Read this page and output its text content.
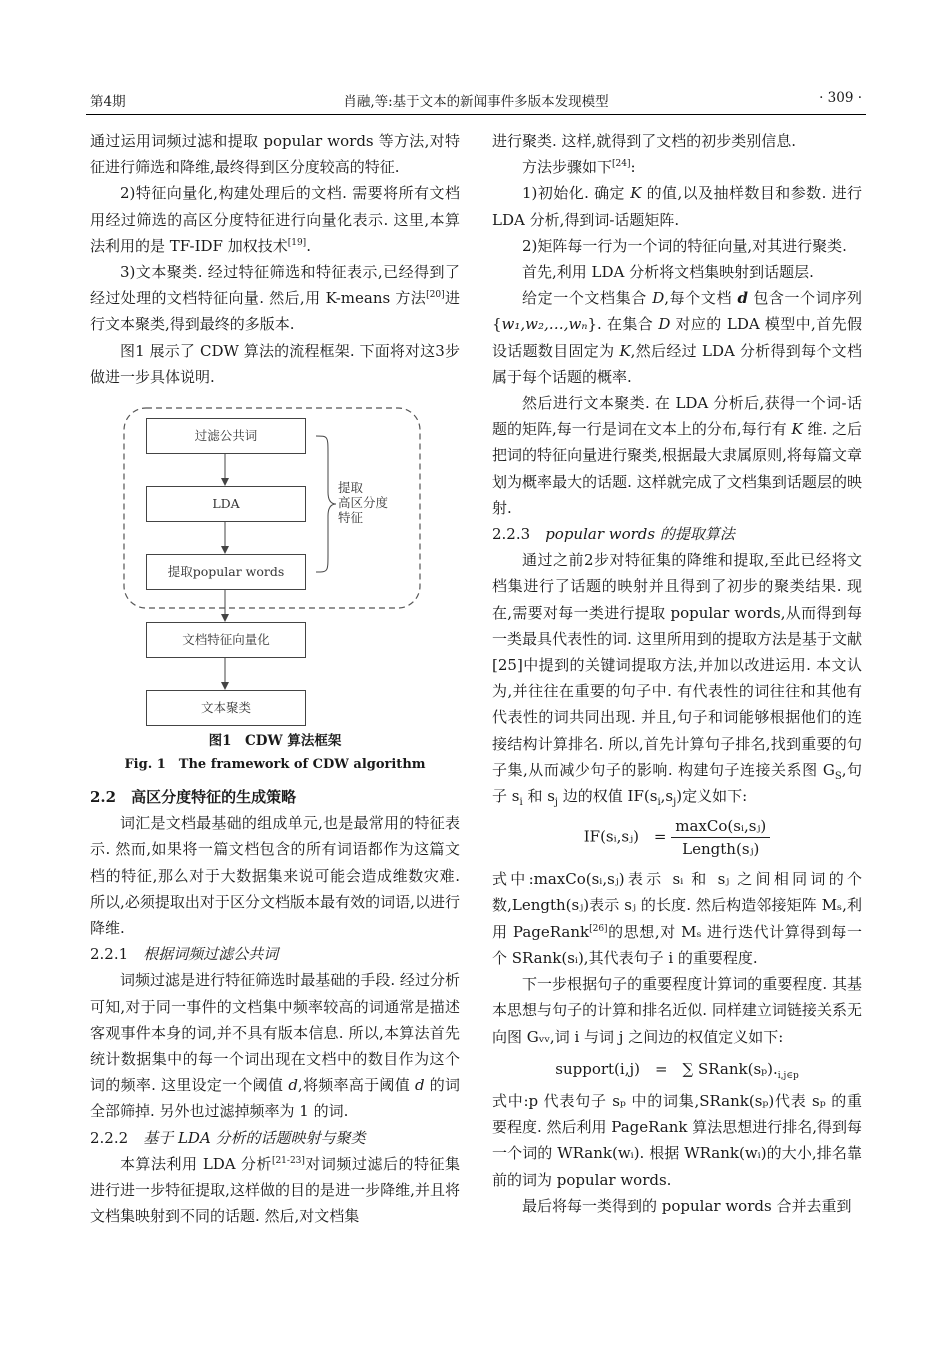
第4期	肖融,等:基于文本的新闻事件多版本发现模型	· 309 ·

通过运用词频过滤和提取 popular words 等方法,对特征进行筛选和降维,最终得到区分度较高的特征.

2)特征向量化,构建处理后的文档. 需要将所有文档用经过筛选的高区分度特征进行向量化表示. 这里,本算法利用的是 TF-IDF 加权技术[19].

3)文本聚类. 经过特征筛选和特征表示,已经得到了经过处理的文档特征向量. 然后,用 K-means 方法[20]进行文本聚类,得到最终的多版本.

图1 展示了 CDW 算法的流程框架. 下面将对这3步做进一步具体说明.

过滤公共词
LDA
提取popular words
文档特征向量化
文本聚类
提取
高区分度
特征

图1　CDW 算法框架

Fig. 1　The framework of CDW algorithm

2.2　高区分度特征的生成策略

词汇是文档最基础的组成单元,也是最常用的特征表示. 然而,如果将一篇文档包含的所有词语都作为这篇文档的特征,那么对于大数据集来说可能会造成维数灾难. 所以,必须提取出对于区分文档版本最有效的词语,以进行降维.

2.2.1　 根据词频过滤公共词

词频过滤是进行特征筛选时最基础的手段. 经过分析可知,对于同一事件的文档集中频率较高的词通常是描述客观事件本身的词,并不具有版本信息. 所以,本算法首先统计数据集中的每一个词出现在文档中的数目作为这个词的频率. 这里设定一个阈值 d,将频率高于阈值 d 的词全部筛掉. 另外也过滤掉频率为 1 的词.

2.2.2　 基于 LDA 分析的话题映射与聚类

本算法利用 LDA 分析[21-23]对词频过滤后的特征集进行进一步特征提取,这样做的目的是进一步降维,并且将文档集映射到不同的话题. 然后,对文档集

进行聚类. 这样,就得到了文档的初步类别信息.

方法步骤如下[24]:

1)初始化. 确定 K 的值,以及抽样数目和参数. 进行 LDA 分析,得到词-话题矩阵.

2)矩阵每一行为一个词的特征向量,对其进行聚类.

首先,利用 LDA 分析将文档集映射到话题层.

给定一个文档集合 D,每个文档 d 包含一个词序列{w₁,w₂,…,wₙ}. 在集合 D 对应的 LDA 模型中,首先假设话题数目固定为 K,然后经过 LDA 分析得到每个文档属于每个话题的概率.

然后进行文本聚类. 在 LDA 分析后,获得一个词-话题的矩阵,每一行是词在文本上的分布,每行有 K 维. 之后把词的特征向量进行聚类,根据最大隶属原则,将每篇文章划为概率最大的话题. 这样就完成了文档集到话题层的映射.

2.2.3　 popular words 的提取算法

通过之前2步对特征集的降维和提取,至此已经将文档集进行了话题的映射并且得到了初步的聚类结果. 现在,需要对每一类进行提取 popular words,从而得到每一类最具代表性的词. 这里所用到的提取方法是基于文献[25]中提到的关键词提取方法,并加以改进运用. 本文认为,并往往在重要的句子中. 有代表性的词往往和其他有代表性的词共同出现. 并且,句子和词能够根据他们的连接结构计算排名. 所以,首先计算句子排名,找到重要的句子集,从而减少句子的影响. 构建句子连接关系图 $G_S$,句子 $s_i$ 和 $s_j$ 边的权值 $IF(s_i,s_j)$定义如下:

IF(sᵢ,sⱼ)　= $\frac{\text{maxCo(sᵢ,sⱼ)}}{\text{Length(sⱼ)}}$

式中:maxCo(sᵢ,sⱼ)表示 sᵢ 和 sⱼ 之间相同词的个数,Length(sⱼ)表示 sⱼ 的长度. 然后构造邻接矩阵 Mₛ,利用 PageRank[26]的思想,对 Mₛ 进行迭代计算得到每一个 SRank(sᵢ),其代表句子 i 的重要程度.

下一步根据句子的重要程度计算词的重要程度. 其基本思想与句子的计算和排名近似. 同样建立词链接关系无向图 Gᵥᵥ,词 i 与词 j 之间边的权值定义如下:

support(i,j)　=　∑ $SRank(s_p)._{i,j\in p}$

式中:p 代表句子 sₚ 中的词集,SRank(sₚ)代表 sₚ 的重要程度. 然后利用 PageRank 算法思想进行排名,得到每一个词的 WRank(wᵢ). 根据 WRank(wᵢ)的大小,排名靠前的词为 popular words.

最后将每一类得到的 popular words 合并去重到
